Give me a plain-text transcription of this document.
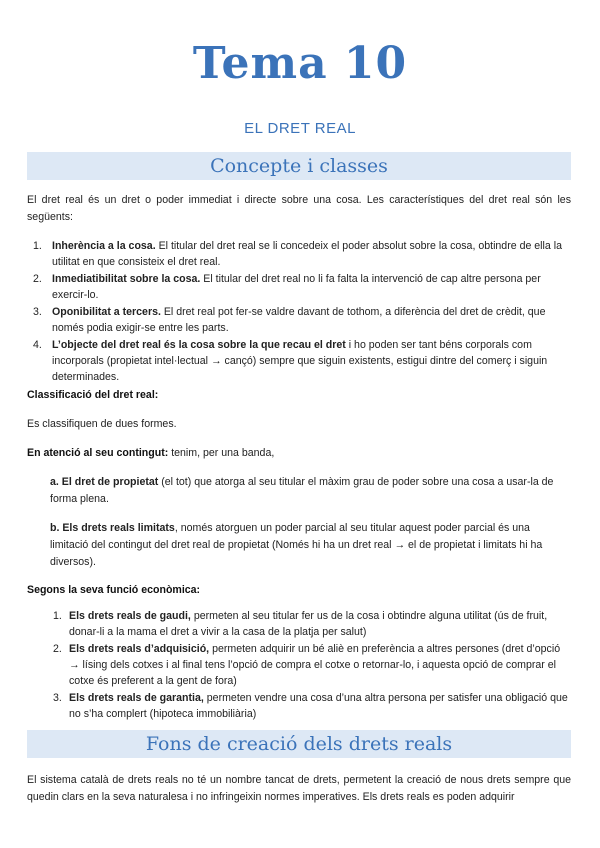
Tema 10
EL DRET REAL
Concepte i classes
El dret real és un dret o poder immediat i directe sobre una cosa. Les característiques del dret real són les següents:
1. Inherència a la cosa. El titular del dret real se li concedeix el poder absolut sobre la cosa, obtindre de ella la utilitat en que consisteix el dret real.
2. Inmediatibilitat sobre la cosa. El titular del dret real no li fa falta la intervenció de cap altre persona per exercir-lo.
3. Oponibilitat a tercers. El dret real pot fer-se valdre davant de tothom, a diferència del dret de crèdit, que només podia exigir-se entre les parts.
4. L’objecte del dret real és la cosa sobre la que recau el dret i ho poden ser tant béns corporals com incorporals (propietat intel·lectual → cançó) sempre que siguin existents, estigui dintre del comerç i siguin determinades.
Classificació del dret real:
Es classifiquen de dues formes.
En atenció al seu contingut: tenim, per una banda,
a. El dret de propietat (el tot) que atorga al seu titular el màxim grau de poder sobre una cosa a usar-la de forma plena.
b. Els drets reals limitats, només atorguen un poder parcial al seu titular aquest poder parcial és una limitació del contingut del dret real de propietat (Només hi ha un dret real → el de propietat i limitats hi ha diversos).
Segons la seva funció econòmica:
1. Els drets reals de gaudi, permeten al seu titular fer us de la cosa i obtindre alguna utilitat (ús de fruit, donar-li a la mama el dret a vivir a la casa de la platja per salut)
2. Els drets reals d’adquisició, permeten adquirir un bé aliè en preferència a altres persones (dret d’opció → lísing dels cotxes i al final tens l’opció de compra el cotxe o retornar-lo, i aquesta opció de comprar el cotxe és preferent a la gent de fora)
3. Els drets reals de garantia, permeten vendre una cosa d’una altra persona per satisfer una obligació que no s’ha complert (hipoteca immobiliària)
Fons de creació dels drets reals
El sistema català de drets reals no té un nombre tancat de drets, permetent la creació de nous drets sempre que quedin clars en la seva naturalesa i no infringeixin normes imperatives. Els drets reals es poden adquirir
